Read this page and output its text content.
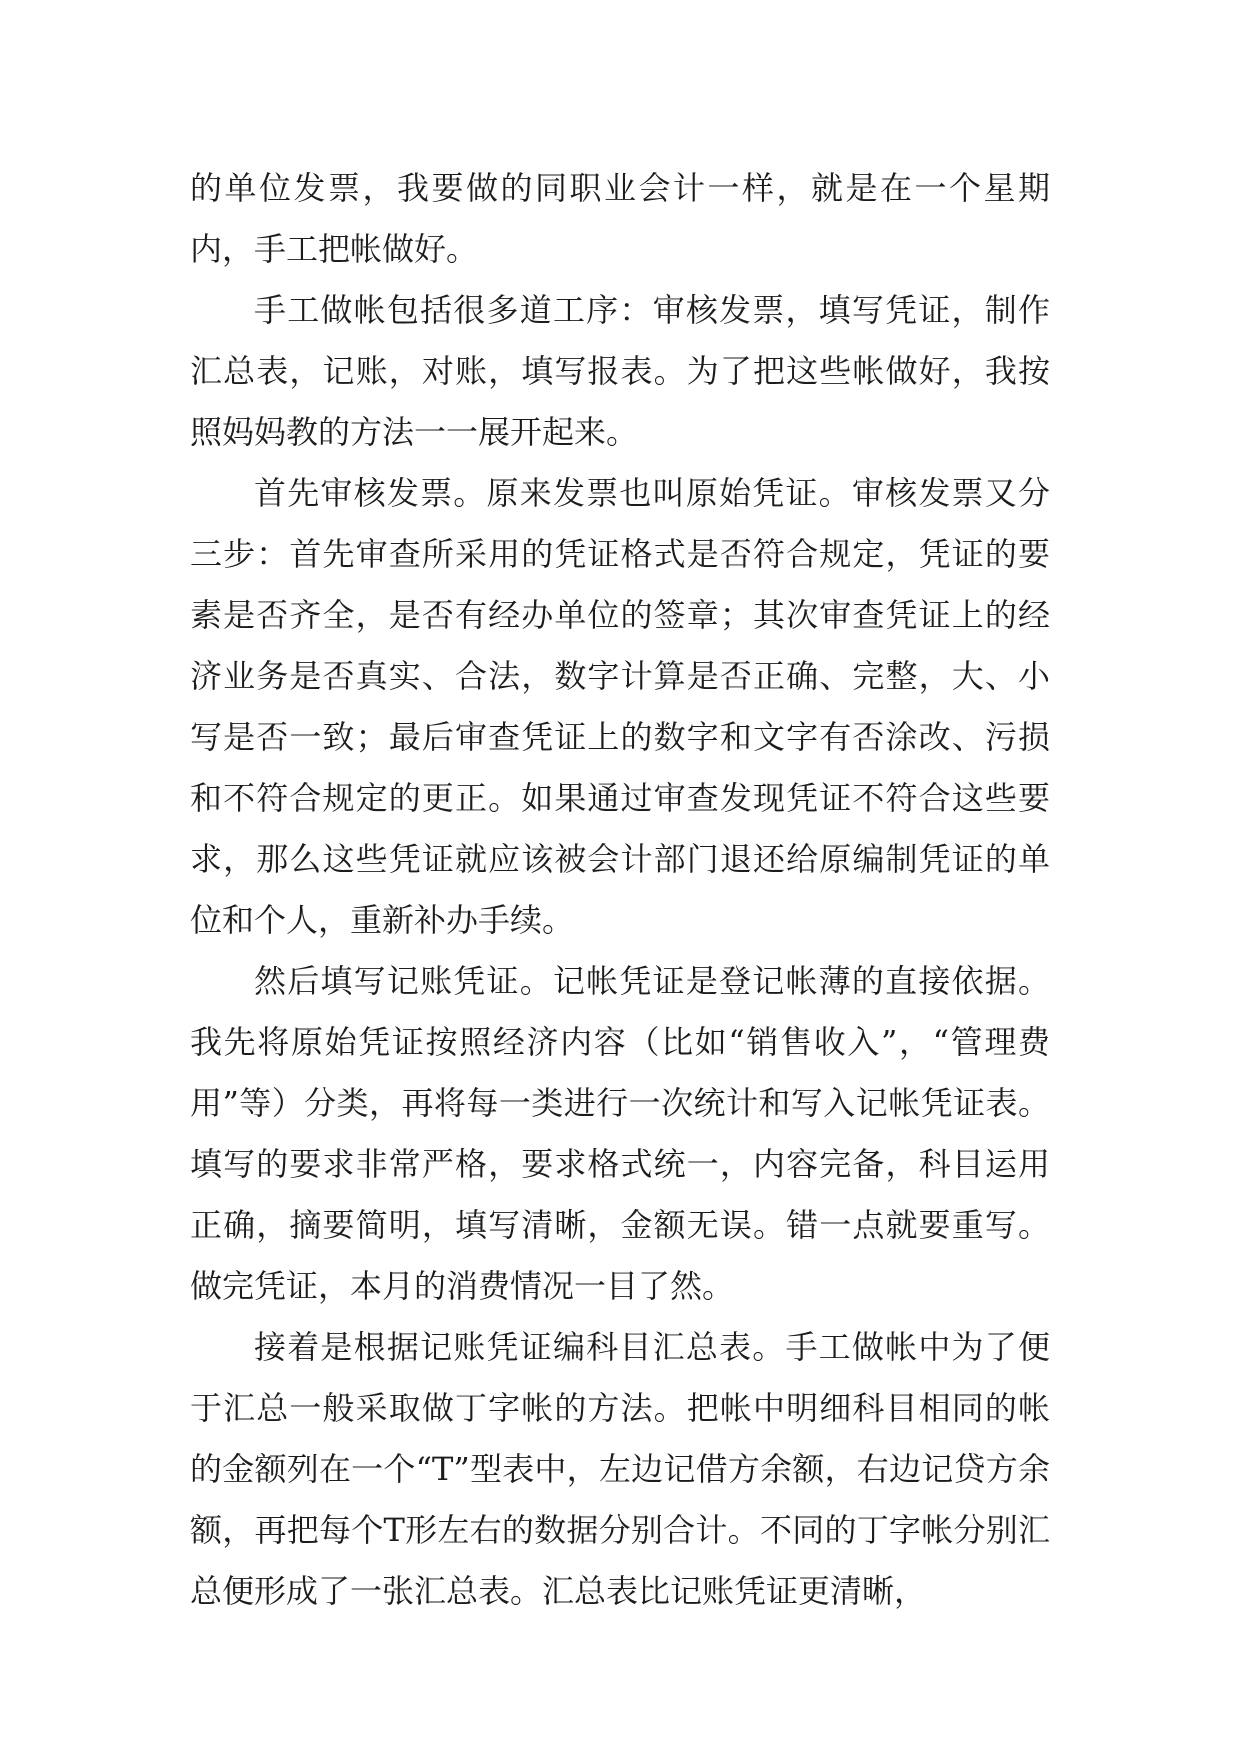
的单位发票，我要做的同职业会计一样，就是在一个星期内，手工把帐做好。

手工做帐包括很多道工序：审核发票，填写凭证，制作汇总表，记账，对账，填写报表。为了把这些帐做好，我按照妈妈教的方法一一展开起来。

首先审核发票。原来发票也叫原始凭证。审核发票又分三步：首先审查所采用的凭证格式是否符合规定，凭证的要素是否齐全，是否有经办单位的签章；其次审查凭证上的经济业务是否真实、合法，数字计算是否正确、完整，大、小写是否一致；最后审查凭证上的数字和文字有否涂改、污损和不符合规定的更正。如果通过审查发现凭证不符合这些要求，那么这些凭证就应该被会计部门退还给原编制凭证的单位和个人，重新补办手续。

然后填写记账凭证。记帐凭证是登记帐薄的直接依据。我先将原始凭证按照经济内容（比如“销售收入”，“管理费用”等）分类，再将每一类进行一次统计和写入记帐凭证表。填写的要求非常严格，要求格式统一，内容完备，科目运用正确，摘要简明，填写清晰，金额无误。错一点就要重写。做完凭证，本月的消费情况一目了然。

接着是根据记账凭证编科目汇总表。手工做帐中为了便于汇总一般采取做丁字帐的方法。把帐中明细科目相同的帐的金额列在一个“T”型表中，左边记借方余额，右边记贷方余额，再把每个T形左右的数据分别合计。不同的丁字帐分别汇总便形成了一张汇总表。汇总表比记账凭证更清晰，
